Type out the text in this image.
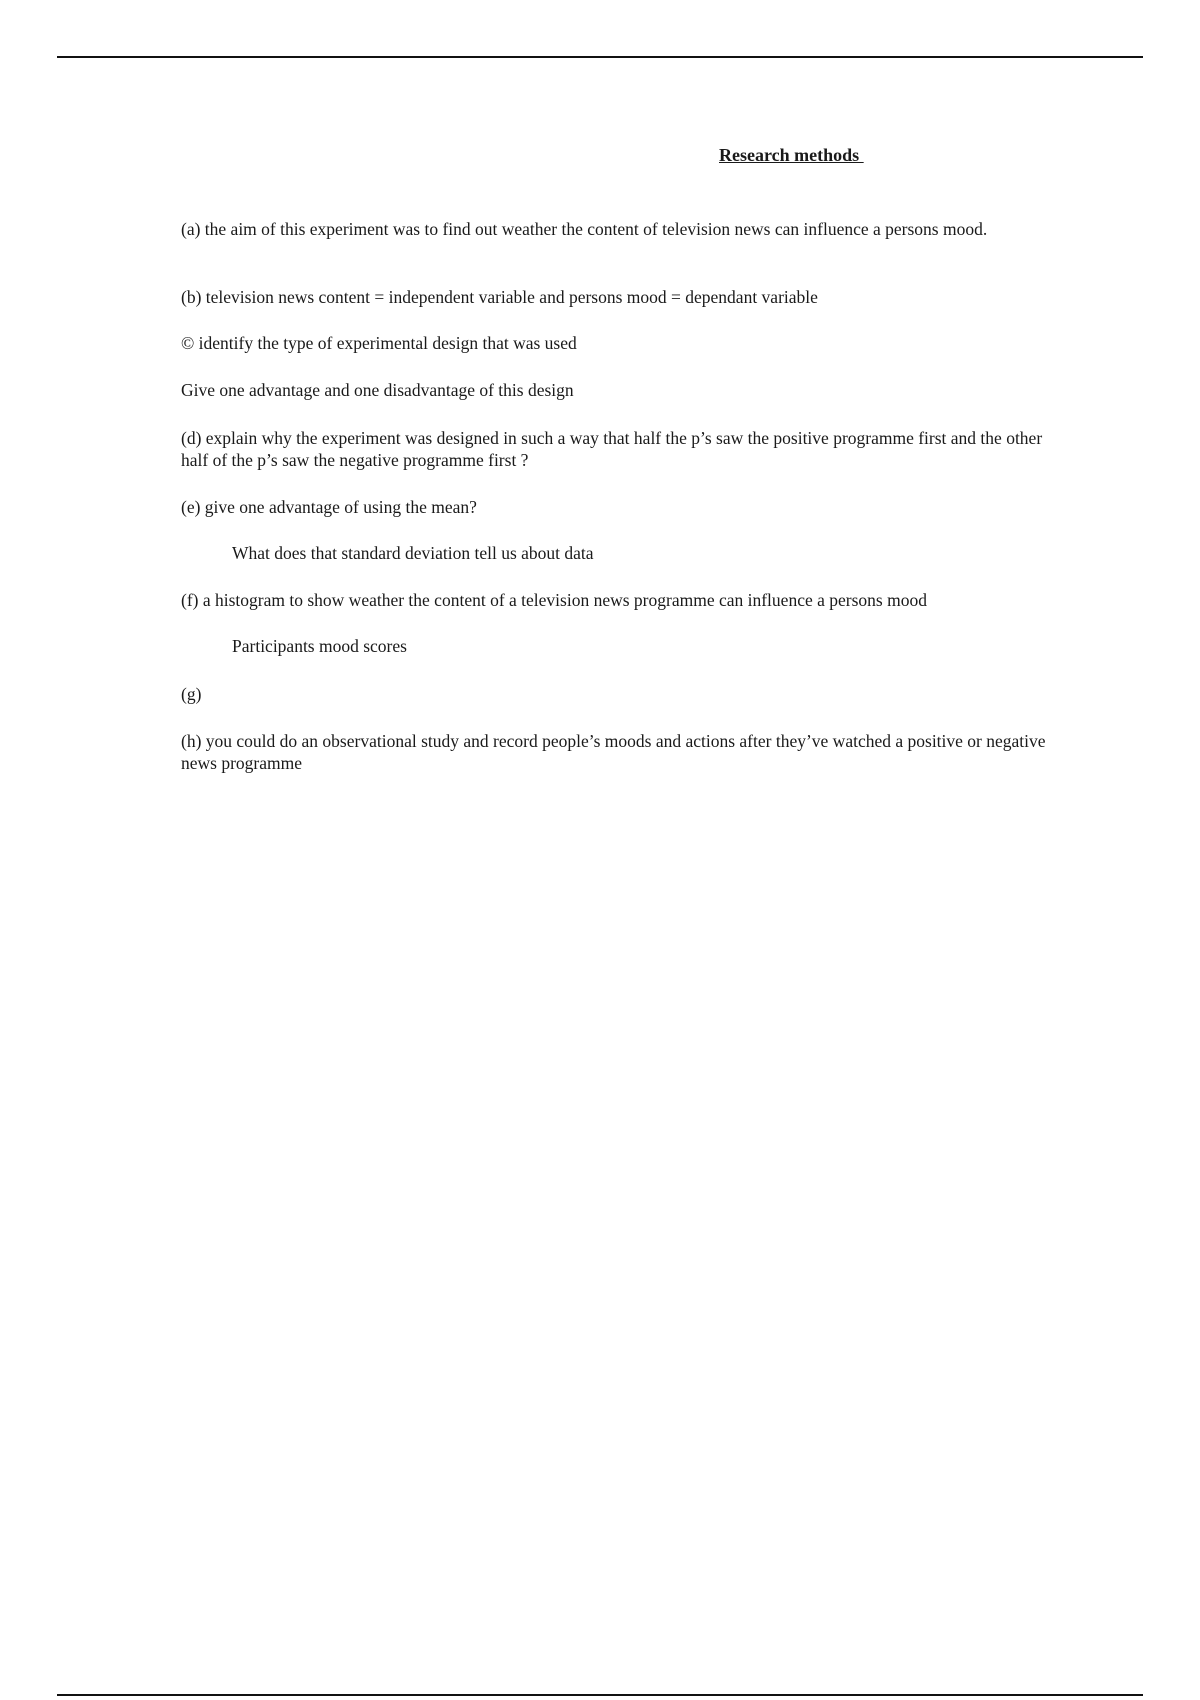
Research methods
(a) the aim of this experiment was to find out weather the content of television news can influence a persons mood.
(b) television news content = independent variable and persons mood = dependant variable
© identify the type of experimental design that was used
Give one advantage and one disadvantage of this design
(d) explain why the experiment was designed in such a way that half the p’s saw the positive programme first and the other half of the p’s saw the negative programme first ?
(e) give one advantage of using the mean?
What does that standard deviation tell us about data
(f) a histogram to show weather the content of a television news programme can influence a persons mood
Participants mood scores
(g)
(h) you could do an observational study and record people’s moods and actions after they’ve watched a positive or negative news programme
